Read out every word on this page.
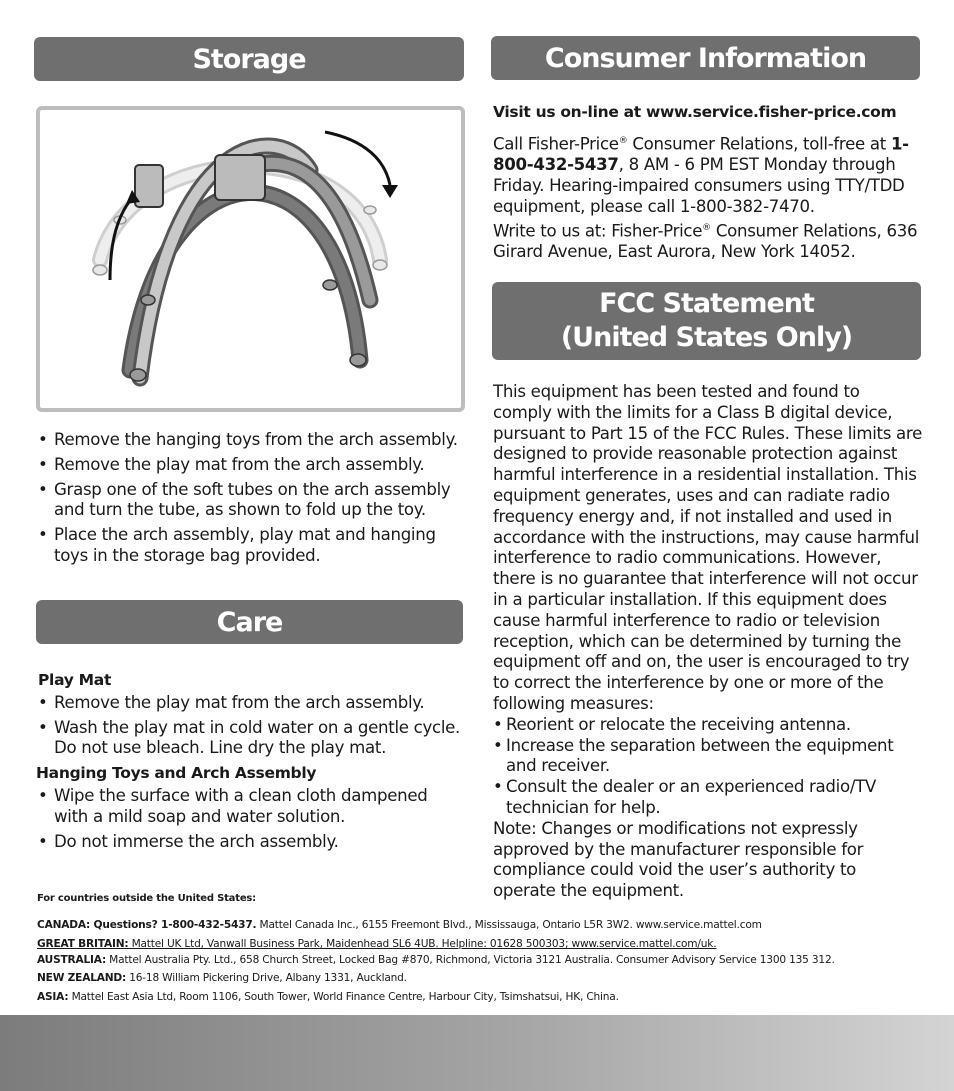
Storage
• Remove the hanging toys from the arch assembly.
• Remove the play mat from the arch assembly.
• Grasp one of the soft tubes on the arch assembly and turn the tube, as shown to fold up the toy.
• Place the arch assembly, play mat and hanging toys in the storage bag provided.
Care
Play Mat
• Remove the play mat from the arch assembly.
• Wash the play mat in cold water on a gentle cycle. Do not use bleach. Line dry the play mat.
Hanging Toys and Arch Assembly
• Wipe the surface with a clean cloth dampened with a mild soap and water solution.
• Do not immerse the arch assembly.
Consumer Information
Visit us on-line at www.service.fisher-price.com
Call Fisher-Price® Consumer Relations, toll-free at 1-800-432-5437, 8 AM - 6 PM EST Monday through Friday. Hearing-impaired consumers using TTY/TDD equipment, please call 1-800-382-7470.
Write to us at: Fisher-Price® Consumer Relations, 636 Girard Avenue, East Aurora, New York 14052.
FCC Statement
(United States Only)
This equipment has been tested and found to comply with the limits for a Class B digital device, pursuant to Part 15 of the FCC Rules. These limits are designed to provide reasonable protection against harmful interference in a residential installation. This equipment generates, uses and can radiate radio frequency energy and, if not installed and used in accordance with the instructions, may cause harmful interference to radio communications. However, there is no guarantee that interference will not occur in a particular installation. If this equipment does cause harmful interference to radio or television reception, which can be determined by turning the equipment off and on, the user is encouraged to try to correct the interference by one or more of the following measures:
• Reorient or relocate the receiving antenna.
• Increase the separation between the equipment and receiver.
• Consult the dealer or an experienced radio/TV technician for help.
Note: Changes or modifications not expressly approved by the manufacturer responsible for compliance could void the user’s authority to operate the equipment.
For countries outside the United States:
CANADA: Questions? 1-800-432-5437. Mattel Canada Inc., 6155 Freemont Blvd., Mississauga, Ontario L5R 3W2. www.service.mattel.com
GREAT BRITAIN: Mattel UK Ltd, Vanwall Business Park, Maidenhead SL6 4UB. Helpline: 01628 500303; www.service.mattel.com/uk.
AUSTRALIA: Mattel Australia Pty. Ltd., 658 Church Street, Locked Bag #870, Richmond, Victoria 3121 Australia. Consumer Advisory Service 1300 135 312.
NEW ZEALAND: 16-18 William Pickering Drive, Albany 1331, Auckland.
ASIA: Mattel East Asia Ltd, Room 1106, South Tower, World Finance Centre, Harbour City, Tsimshatsui, HK, China.
